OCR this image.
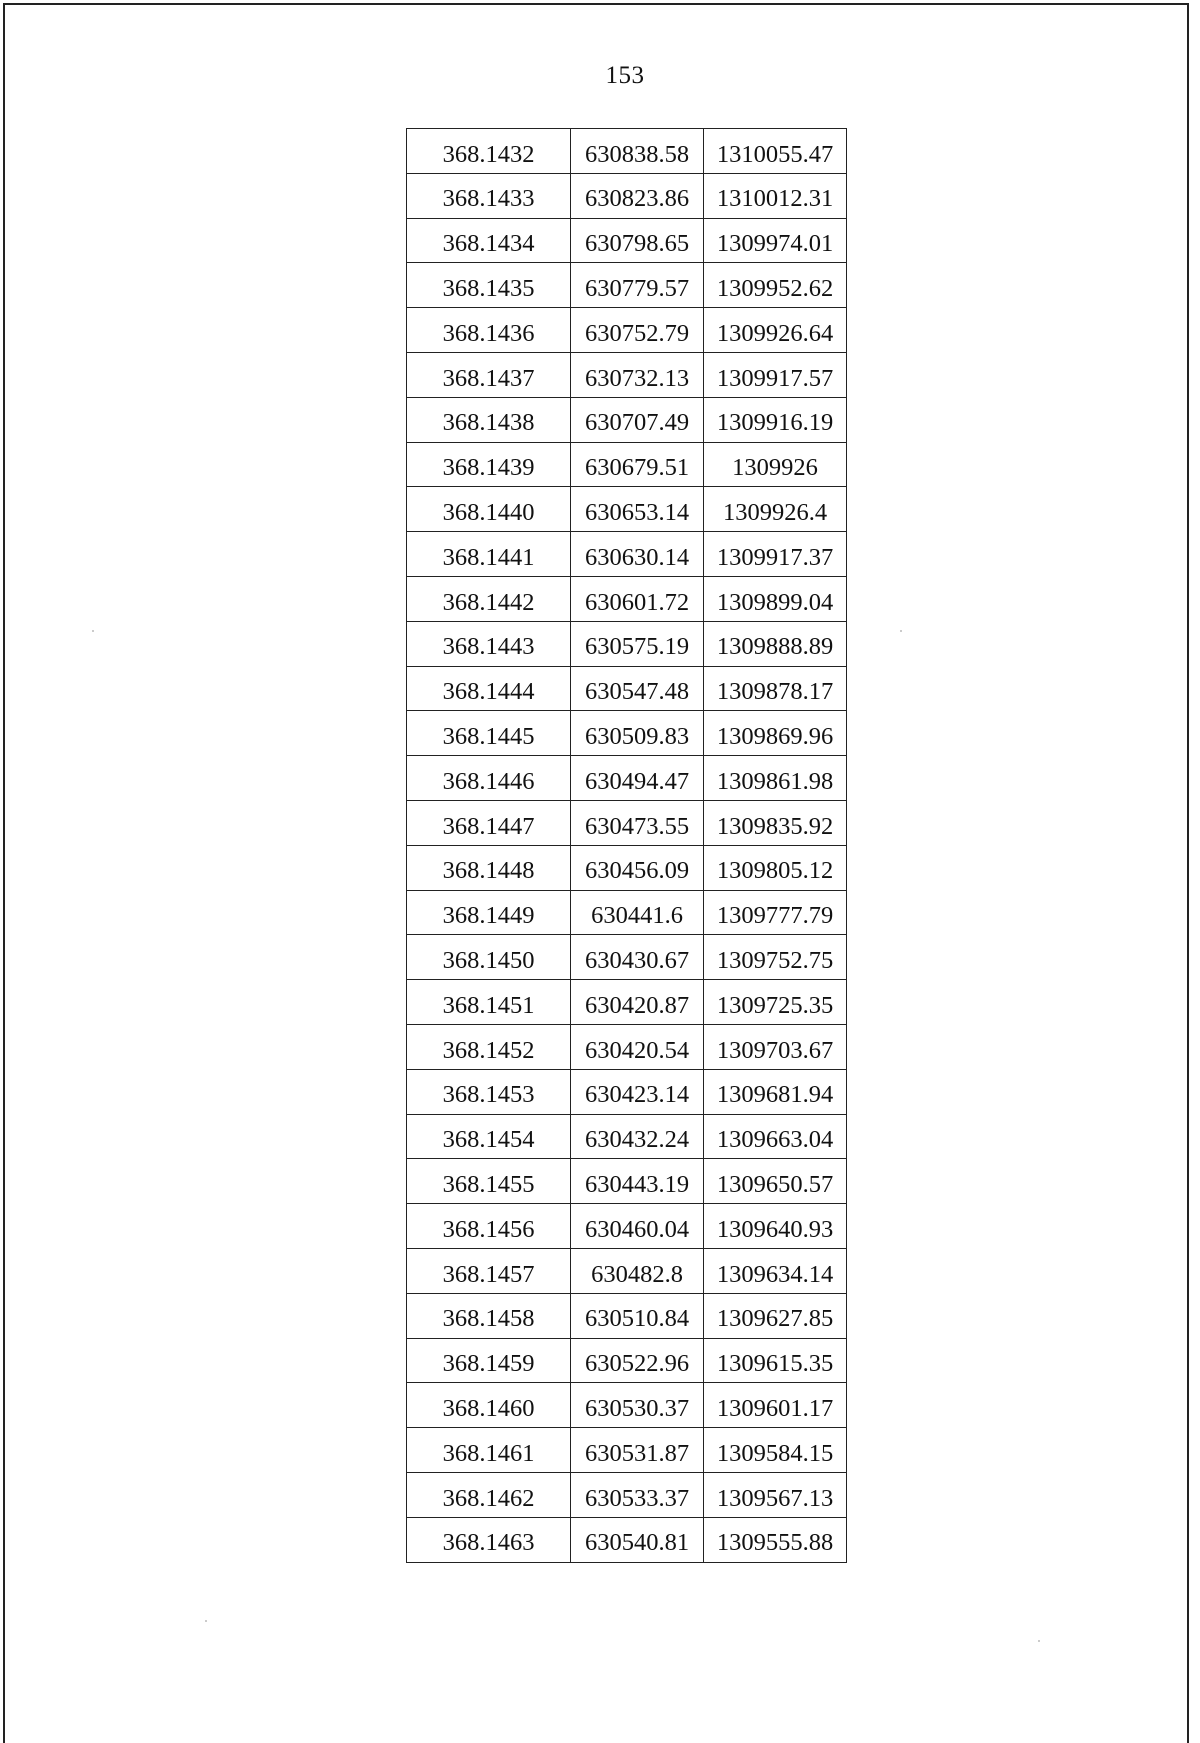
153
368.1432	630838.58	1310055.47
368.1433	630823.86	1310012.31
368.1434	630798.65	1309974.01
368.1435	630779.57	1309952.62
368.1436	630752.79	1309926.64
368.1437	630732.13	1309917.57
368.1438	630707.49	1309916.19
368.1439	630679.51	1309926
368.1440	630653.14	1309926.4
368.1441	630630.14	1309917.37
368.1442	630601.72	1309899.04
368.1443	630575.19	1309888.89
368.1444	630547.48	1309878.17
368.1445	630509.83	1309869.96
368.1446	630494.47	1309861.98
368.1447	630473.55	1309835.92
368.1448	630456.09	1309805.12
368.1449	630441.6	1309777.79
368.1450	630430.67	1309752.75
368.1451	630420.87	1309725.35
368.1452	630420.54	1309703.67
368.1453	630423.14	1309681.94
368.1454	630432.24	1309663.04
368.1455	630443.19	1309650.57
368.1456	630460.04	1309640.93
368.1457	630482.8	1309634.14
368.1458	630510.84	1309627.85
368.1459	630522.96	1309615.35
368.1460	630530.37	1309601.17
368.1461	630531.87	1309584.15
368.1462	630533.37	1309567.13
368.1463	630540.81	1309555.88
